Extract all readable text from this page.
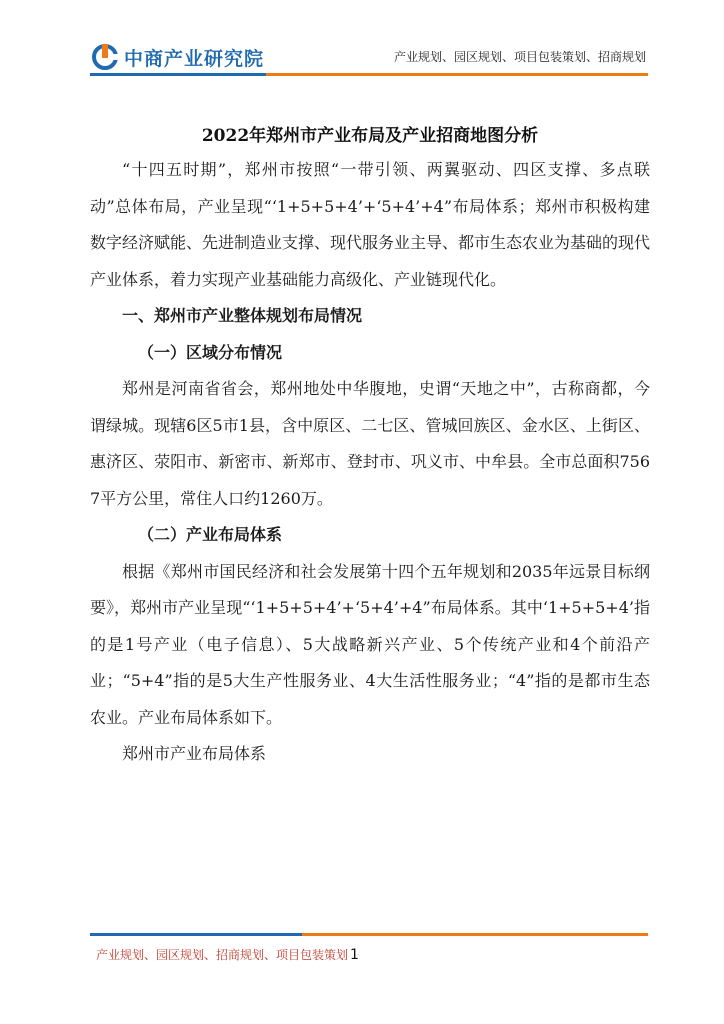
中商产业研究院	产业规划、园区规划、项目包装策划、招商规划
2022年郑州市产业布局及产业招商地图分析

“十四五时期”，郑州市按照“一带引领、两翼驱动、四区支撑、多点联动”总体布局，产业呈现“‘1+5+5+4’+‘5+4’+4”布局体系；郑州市积极构建数字经济赋能、先进制造业支撑、现代服务业主导、都市生态农业为基础的现代产业体系，着力实现产业基础能力高级化、产业链现代化。

一、郑州市产业整体规划布局情况

（一）区域分布情况

郑州是河南省省会，郑州地处中华腹地，史谓“天地之中”，古称商都，今谓绿城。现辖6区5市1县，含中原区、二七区、管城回族区、金水区、上街区、惠济区、荥阳市、新密市、新郑市、登封市、巩义市、中牟县。全市总面积7567平方公里，常住人口约1260万。

（二）产业布局体系

根据《郑州市国民经济和社会发展第十四个五年规划和2035年远景目标纲要》，郑州市产业呈现“‘1+5+5+4’+‘5+4’+4”布局体系。其中‘1+5+5+4’指的是1号产业（电子信息）、5大战略新兴产业、5个传统产业和4个前沿产业；“5+4”指的是5大生产性服务业、4大生活性服务业；“4”指的是都市生态农业。产业布局体系如下。

郑州市产业布局体系

产业规划、园区规划、招商规划、项目包装策划 1
